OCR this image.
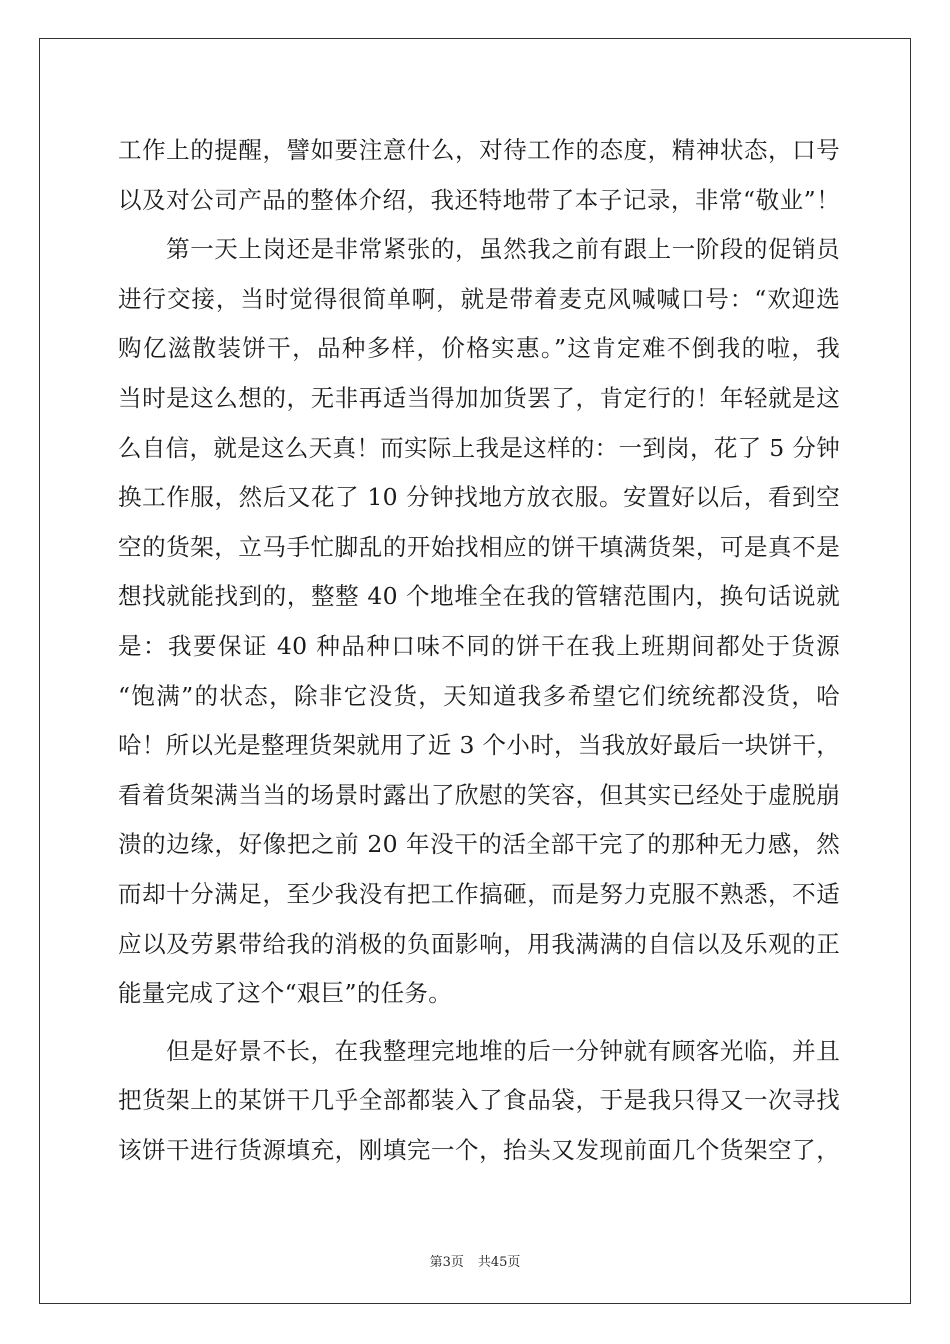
工作上的提醒，譬如要注意什么，对待工作的态度，精神状态，口号
以及对公司产品的整体介绍，我还特地带了本子记录，非常“敬业”！
　　第一天上岗还是非常紧张的，虽然我之前有跟上一阶段的促销员
进行交接，当时觉得很简单啊，就是带着麦克风喊喊口号：“欢迎选
购亿滋散装饼干，品种多样，价格实惠。”这肯定难不倒我的啦，我
当时是这么想的，无非再适当得加加货罢了，肯定行的！年轻就是这
么自信，就是这么天真！而实际上我是这样的：一到岗，花了 5 分钟
换工作服，然后又花了 10 分钟找地方放衣服。安置好以后，看到空
空的货架，立马手忙脚乱的开始找相应的饼干填满货架，可是真不是
想找就能找到的，整整 40 个地堆全在我的管辖范围内，换句话说就
是：我要保证 40 种品种口味不同的饼干在我上班期间都处于货源
“饱满”的状态，除非它没货，天知道我多希望它们统统都没货，哈
哈！所以光是整理货架就用了近 3 个小时，当我放好最后一块饼干，
看着货架满当当的场景时露出了欣慰的笑容，但其实已经处于虚脱崩
溃的边缘，好像把之前 20 年没干的活全部干完了的那种无力感，然
而却十分满足，至少我没有把工作搞砸，而是努力克服不熟悉，不适
应以及劳累带给我的消极的负面影响，用我满满的自信以及乐观的正
能量完成了这个“艰巨”的任务。
　　但是好景不长，在我整理完地堆的后一分钟就有顾客光临，并且
把货架上的某饼干几乎全部都装入了食品袋，于是我只得又一次寻找
该饼干进行货源填充，刚填完一个，抬头又发现前面几个货架空了，
第3页 共45页
